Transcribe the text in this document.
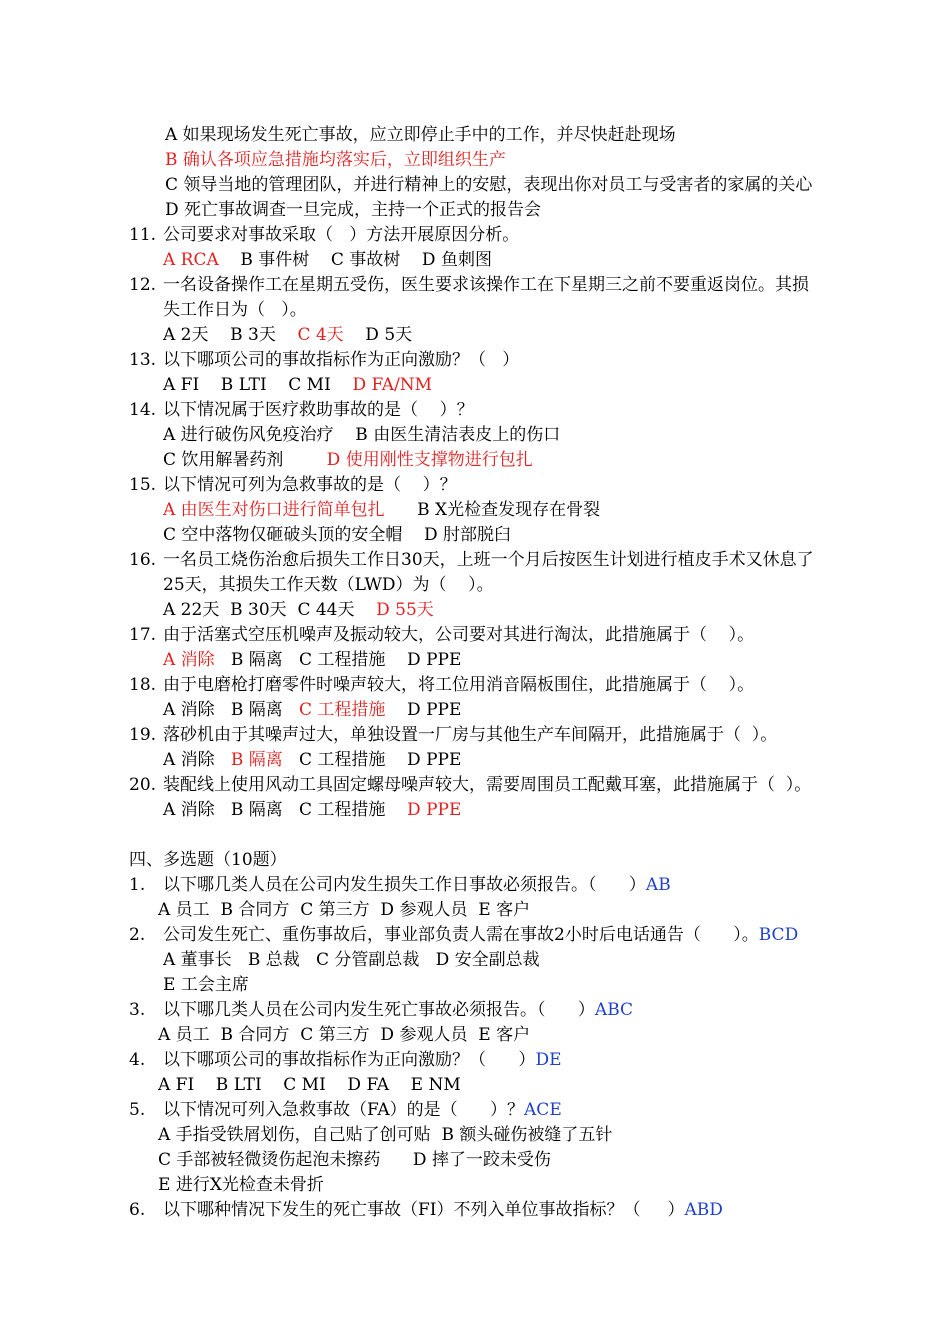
A 如果现场发生死亡事故，应立即停止手中的工作，并尽快赶赴现场
B 确认各项应急措施均落实后，立即组织生产
C 领导当地的管理团队，并进行精神上的安慰，表现出你对员工与受害者的家属的关心
D 死亡事故调查一旦完成，主持一个正式的报告会
11. 公司要求对事故采取（   ）方法开展原因分析。
A RCA    B 事件树    C 事故树    D 鱼刺图
12. 一名设备操作工在星期五受伤，医生要求该操作工在下星期三之前不要重返岗位。其损
失工作日为（   ）。
A 2天    B 3天    C 4天    D 5天
13. 以下哪项公司的事故指标作为正向激励？（   ）
A FI    B LTI    C MI    D FA/NM
14. 以下情况属于医疗救助事故的是（    ）？
A 进行破伤风免疫治疗    B 由医生清洁表皮上的伤口
C 饮用解暑药剂        D 使用刚性支撑物进行包扎
15. 以下情况可列为急救事故的是（    ）？
A 由医生对伤口进行简单包扎      B X光检查发现存在骨裂
C 空中落物仅砸破头顶的安全帽    D 肘部脱臼
16. 一名员工烧伤治愈后损失工作日30天，上班一个月后按医生计划进行植皮手术又休息了
25天，其损失工作天数（LWD）为（    ）。
A 22天  B 30天  C 44天    D 55天
17. 由于活塞式空压机噪声及振动较大，公司要对其进行淘汰，此措施属于（    ）。
A 消除   B 隔离   C 工程措施    D PPE
18. 由于电磨枪打磨零件时噪声较大，将工位用消音隔板围住，此措施属于（    ）。
A 消除   B 隔离   C 工程措施    D PPE
19. 落砂机由于其噪声过大，单独设置一厂房与其他生产车间隔开，此措施属于（  ）。
A 消除   B 隔离   C 工程措施    D PPE
20. 装配线上使用风动工具固定螺母噪声较大，需要周围员工配戴耳塞，此措施属于（  ）。
A 消除   B 隔离   C 工程措施    D PPE
四、多选题（10题）
1. 以下哪几类人员在公司内发生损失工作日事故必须报告。（      ）AB
A 员工  B 合同方  C 第三方  D 参观人员  E 客户
2. 公司发生死亡、重伤事故后，事业部负责人需在事故2小时后电话通告（      ）。BCD
A 董事长   B 总裁   C 分管副总裁   D 安全副总裁
E 工会主席
3. 以下哪几类人员在公司内发生死亡事故必须报告。（      ）ABC
A 员工  B 合同方  C 第三方  D 参观人员  E 客户
4. 以下哪项公司的事故指标作为正向激励？（      ）DE
A FI    B LTI    C MI    D FA    E NM
5. 以下情况可列入急救事故（FA）的是（      ）？ACE
A 手指受铁屑划伤，自己贴了创可贴  B 额头碰伤被缝了五针
C 手部被轻微烫伤起泡未擦药      D 摔了一跤未受伤
E 进行X光检查未骨折
6. 以下哪种情况下发生的死亡事故（FI）不列入单位事故指标？（     ）ABD
